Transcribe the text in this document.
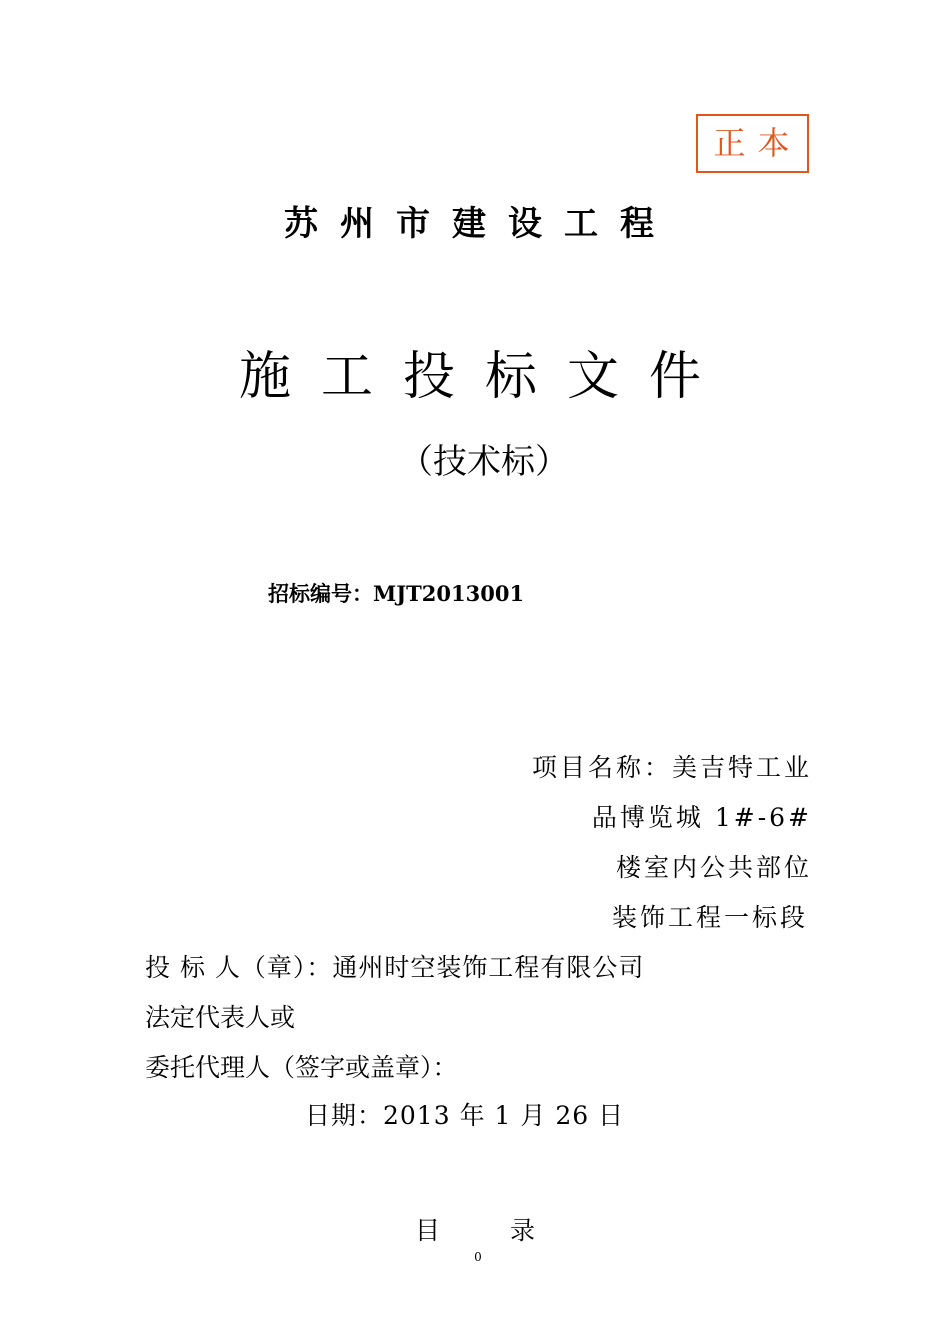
正本
苏州市建设工程
施工投标文件
（技术标）
招标编号：MJT2013001
项目名称：美吉特工业
品博览城 1#-6#
楼室内公共部位
装饰工程一标段
投 标 人（章）：通州时空装饰工程有限公司
法定代表人或
委托代理人（签字或盖章）：
日期：2013 年 1 月 26 日
目录
0
